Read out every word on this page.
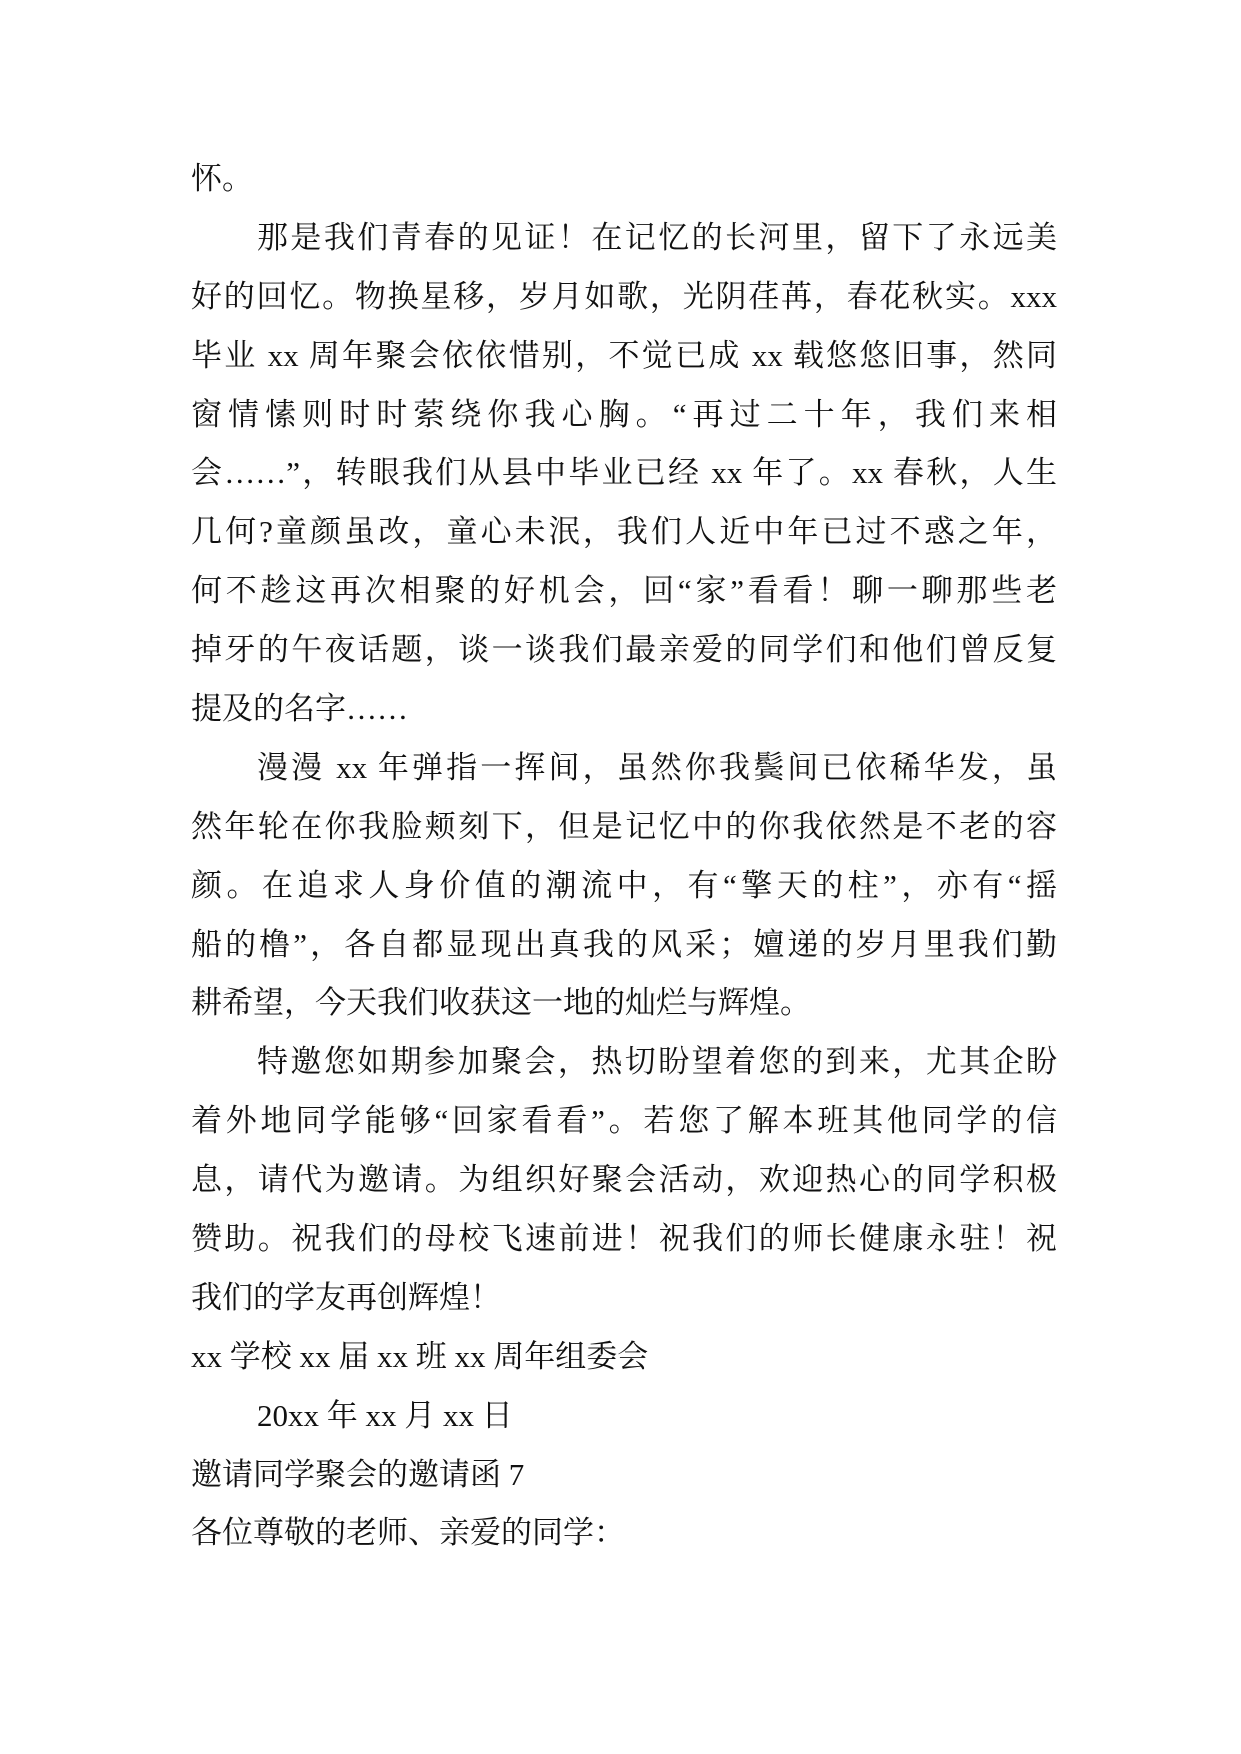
怀。
那是我们青春的见证！在记忆的长河里，留下了永远美
好的回忆。物换星移，岁月如歌，光阴荏苒，春花秋实。xxx
毕业 xx 周年聚会依依惜别，不觉已成 xx 载悠悠旧事，然同
窗情愫则时时萦绕你我心胸。“再过二十年，我们来相
会……”，转眼我们从县中毕业已经 xx 年了。xx 春秋，人生
几何?童颜虽改，童心未泯，我们人近中年已过不惑之年，
何不趁这再次相聚的好机会，回“家”看看！聊一聊那些老
掉牙的午夜话题，谈一谈我们最亲爱的同学们和他们曾反复
提及的名字……
漫漫 xx 年弹指一挥间，虽然你我鬓间已依稀华发，虽
然年轮在你我脸颊刻下，但是记忆中的你我依然是不老的容
颜。在追求人身价值的潮流中，有“擎天的柱”，亦有“摇
船的橹”，各自都显现出真我的风采；嬗递的岁月里我们勤
耕希望，今天我们收获这一地的灿烂与辉煌。
特邀您如期参加聚会，热切盼望着您的到来，尤其企盼
着外地同学能够“回家看看”。若您了解本班其他同学的信
息，请代为邀请。为组织好聚会活动，欢迎热心的同学积极
赞助。祝我们的母校飞速前进！祝我们的师长健康永驻！祝
我们的学友再创辉煌！
xx 学校 xx 届 xx 班 xx 周年组委会
20xx 年 xx 月 xx 日
邀请同学聚会的邀请函 7
各位尊敬的老师、亲爱的同学：
